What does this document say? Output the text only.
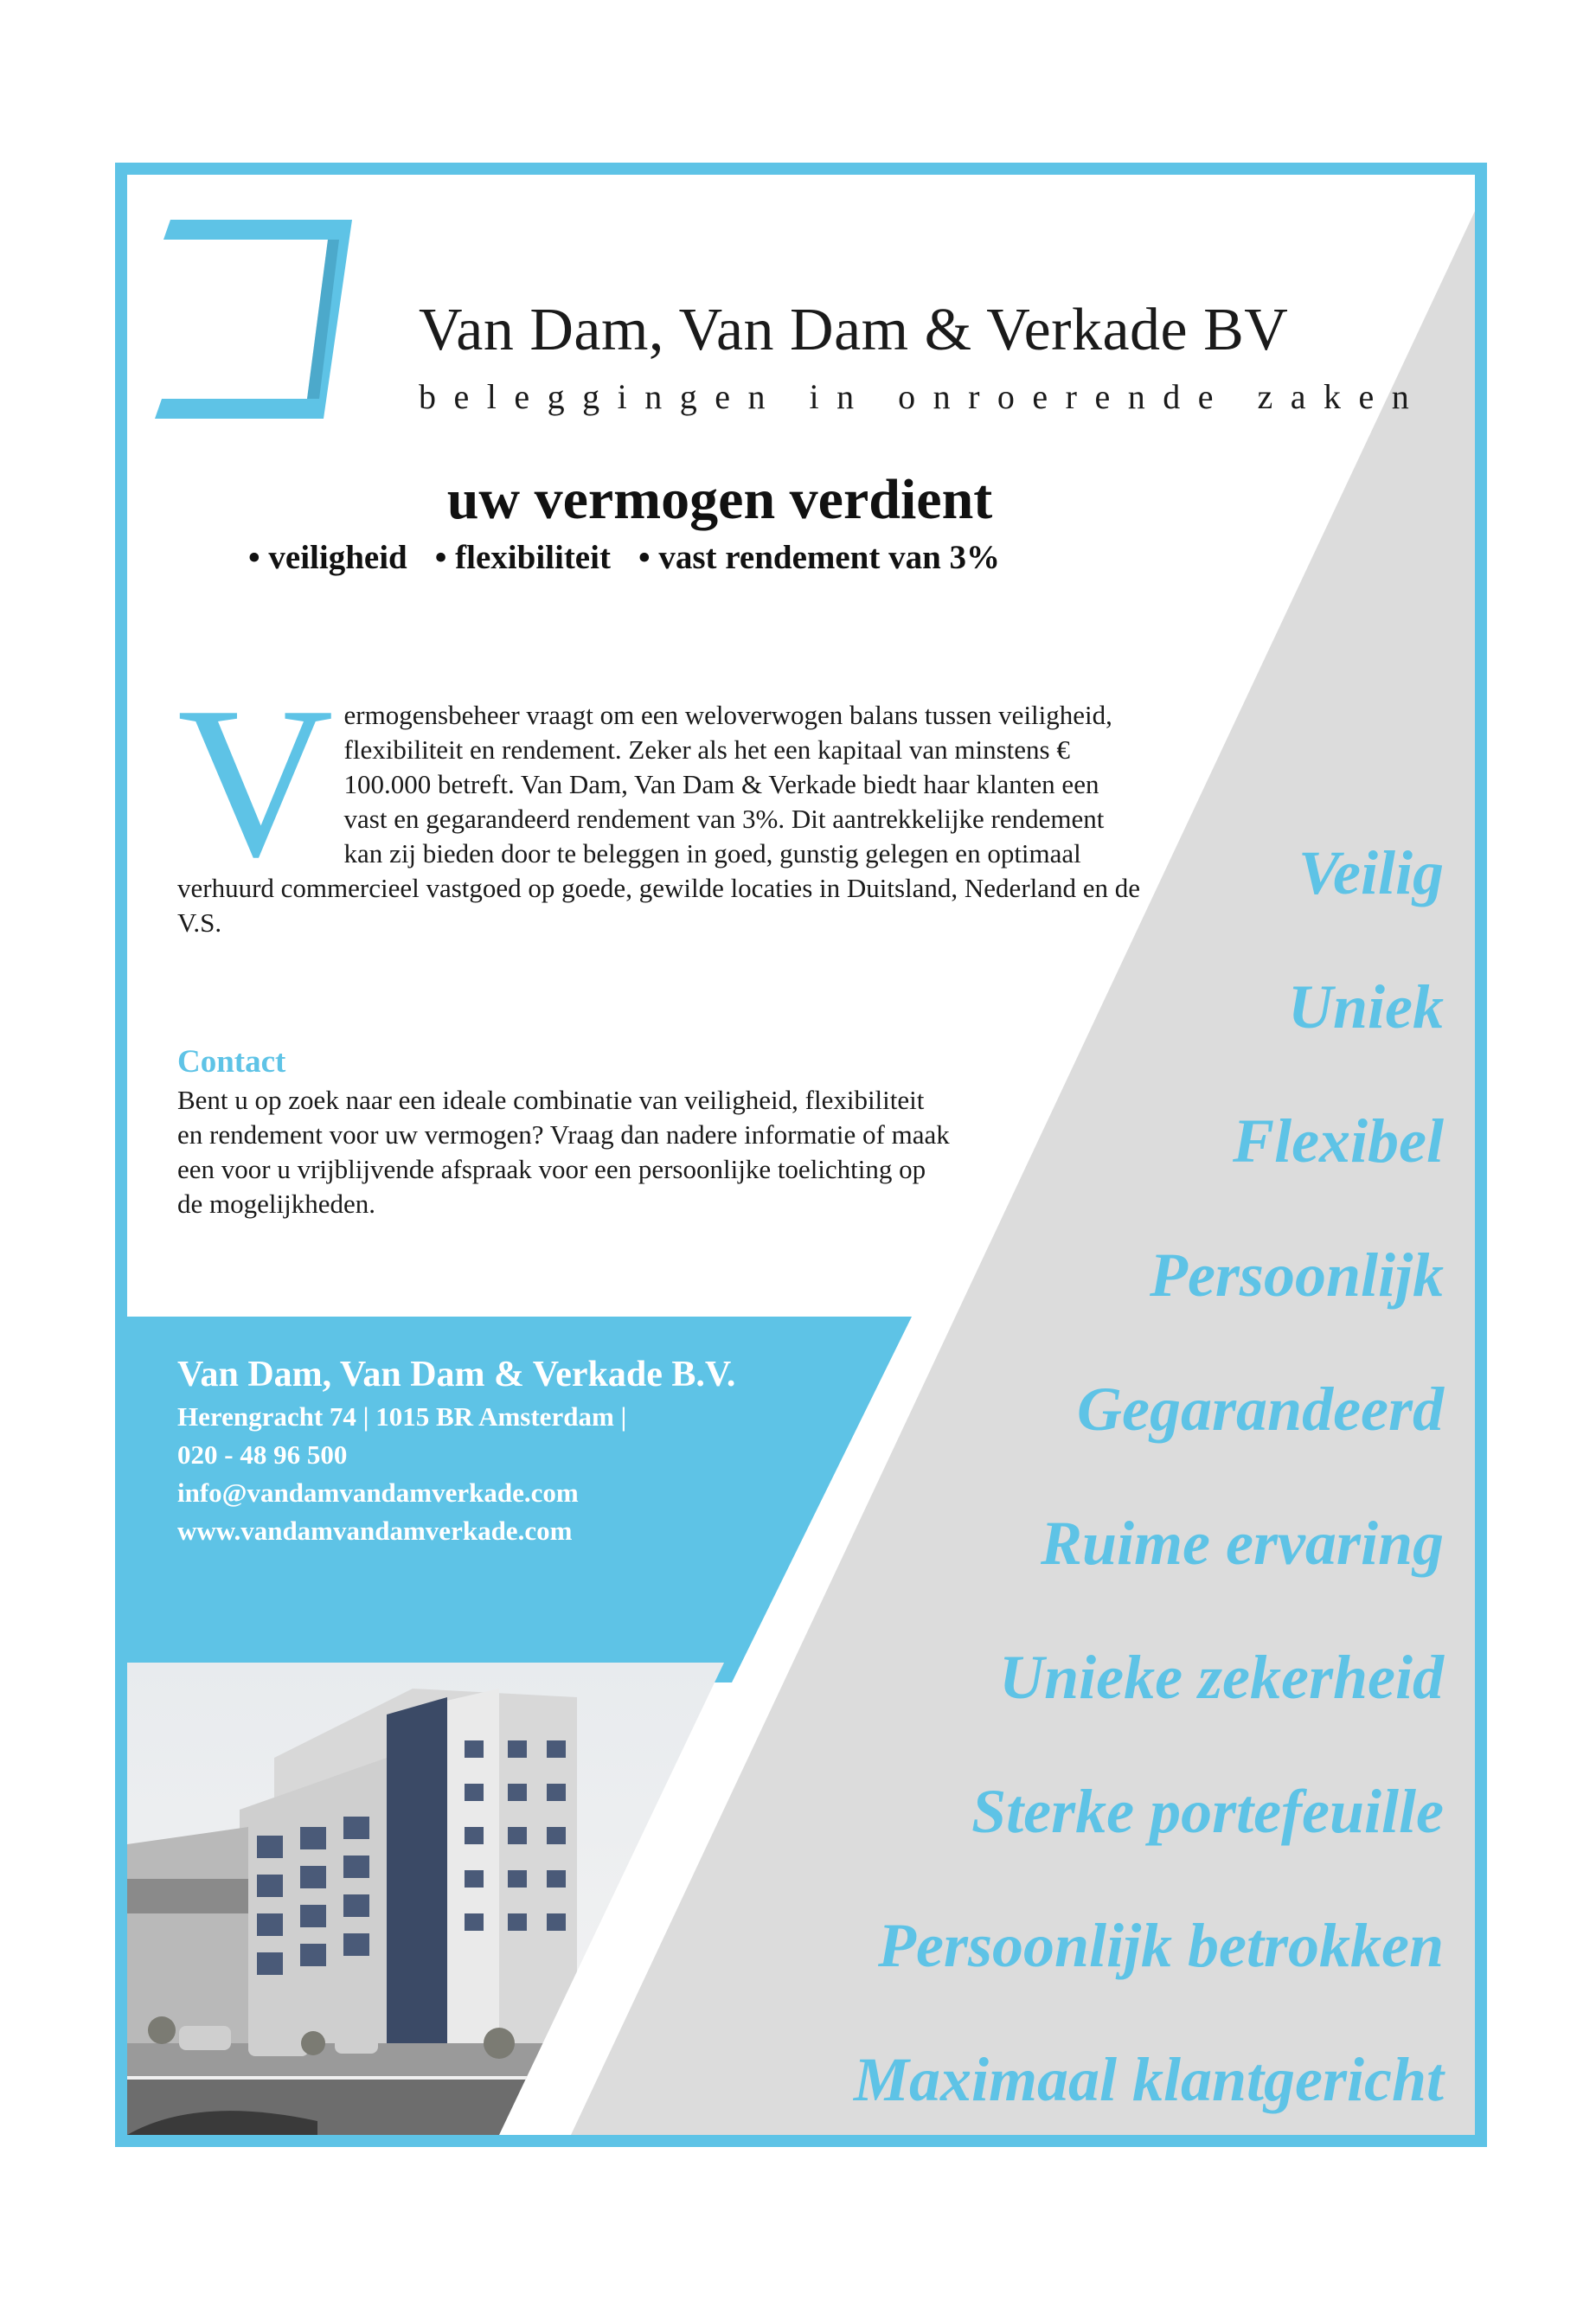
Van Dam, Van Dam & Verkade BV
beleggingen in onroerende zaken
uw vermogen verdient
• veiligheid	• flexibiliteit	• vast rendement van 3%
V ermogensbeheer vraagt om een weloverwogen balans tussen veiligheid, flexibiliteit en rendement. Zeker als het een kapitaal van minstens € 100.000 betreft. Van Dam, Van Dam & Verkade biedt haar klanten een vast en gegarandeerd rendement van 3%. Dit aantrekkelijke rendement kan zij bieden door te beleggen in goed, gunstig gelegen en optimaal verhuurd commercieel vastgoed op goede, gewilde locaties in Duitsland, Nederland en de V.S.
Contact

Bent u op zoek naar een ideale combinatie van veiligheid, flexibiliteit en rendement voor uw vermogen? Vraag dan nadere informatie of maak een voor u vrijblijvende afspraak voor een persoonlijke toelichting op de mogelijkheden.

Van Dam, Van Dam & Verkade B.V.
Herengracht 74 | 1015 BR Amsterdam |
020 - 48 96 500
info@vandamvandamverkade.com
www.vandamvandamverkade.com
Veilig
Uniek
Flexibel
Persoonlijk
Gegarandeerd
Ruime ervaring
Unieke zekerheid
Sterke portefeuille
Persoonlijk betrokken
Maximaal klantgericht
